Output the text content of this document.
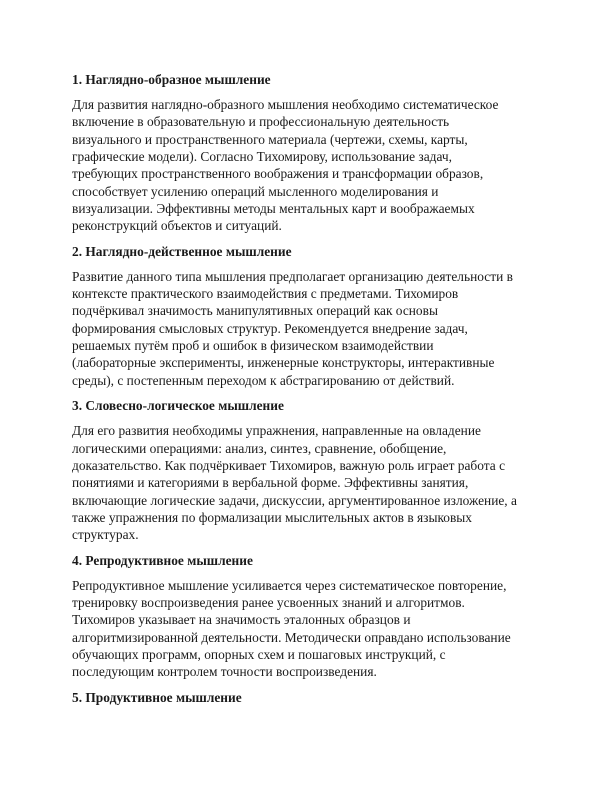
1. Наглядно-образное мышление
Для развития наглядно-образного мышления необходимо систематическое
включение в образовательную и профессиональную деятельность
визуального и пространственного материала (чертежи, схемы, карты,
графические модели). Согласно Тихомирову, использование задач,
требующих пространственного воображения и трансформации образов,
способствует усилению операций мысленного моделирования и
визуализации. Эффективны методы ментальных карт и воображаемых
реконструкций объектов и ситуаций.
2. Наглядно-действенное мышление
Развитие данного типа мышления предполагает организацию деятельности в
контексте практического взаимодействия с предметами. Тихомиров
подчёркивал значимость манипулятивных операций как основы
формирования смысловых структур. Рекомендуется внедрение задач,
решаемых путём проб и ошибок в физическом взаимодействии
(лабораторные эксперименты, инженерные конструкторы, интерактивные
среды), с постепенным переходом к абстрагированию от действий.
3. Словесно-логическое мышление
Для его развития необходимы упражнения, направленные на овладение
логическими операциями: анализ, синтез, сравнение, обобщение,
доказательство. Как подчёркивает Тихомиров, важную роль играет работа с
понятиями и категориями в вербальной форме. Эффективны занятия,
включающие логические задачи, дискуссии, аргументированное изложение, а
также упражнения по формализации мыслительных актов в языковых
структурах.
4. Репродуктивное мышление
Репродуктивное мышление усиливается через систематическое повторение,
тренировку воспроизведения ранее усвоенных знаний и алгоритмов.
Тихомиров указывает на значимость эталонных образцов и
алгоритмизированной деятельности. Методически оправдано использование
обучающих программ, опорных схем и пошаговых инструкций, с
последующим контролем точности воспроизведения.
5. Продуктивное мышление
